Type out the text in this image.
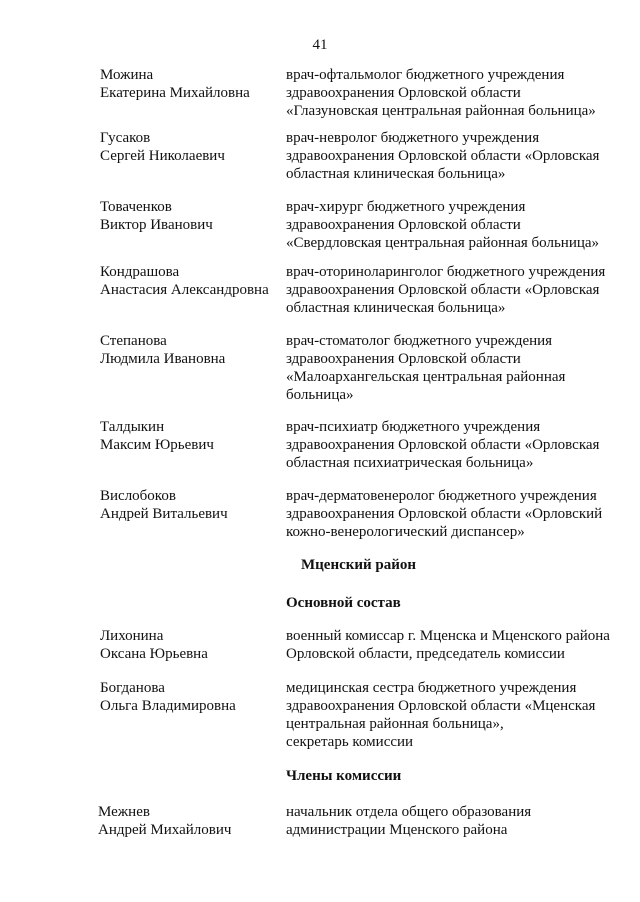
41
Можина
Екатерина Михайловна
врач-офтальмолог бюджетного учреждения
здравоохранения Орловской области
«Глазуновская центральная районная больница»
Гусаков
Сергей Николаевич
врач-невролог бюджетного учреждения
здравоохранения Орловской области «Орловская
областная клиническая больница»
Товаченков
Виктор Иванович
врач-хирург бюджетного учреждения
здравоохранения Орловской области
«Свердловская центральная районная больница»
Кондрашова
Анастасия Александровна
врач-оториноларинголог бюджетного учреждения
здравоохранения Орловской области «Орловская
областная клиническая больница»
Степанова
Людмила Ивановна
врач-стоматолог бюджетного учреждения
здравоохранения Орловской области
«Малоархангельская центральная районная
больница»
Талдыкин
Максим Юрьевич
врач-психиатр бюджетного учреждения
здравоохранения Орловской области «Орловская
областная психиатрическая больница»
Вислобоков
Андрей Витальевич
врач-дерматовенеролог бюджетного учреждения
здравоохранения Орловской области «Орловский
кожно-венерологический диспансер»
Мценский район
Основной состав
Лихонина
Оксана Юрьевна
военный комиссар г. Мценска и Мценского района
Орловской области, председатель комиссии
Богданова
Ольга Владимировна
медицинская сестра бюджетного учреждения
здравоохранения Орловской области «Мценская
центральная районная больница»,
секретарь комиссии
Члены комиссии
Межнев
Андрей Михайлович
начальник отдела общего образования
администрации Мценского района
